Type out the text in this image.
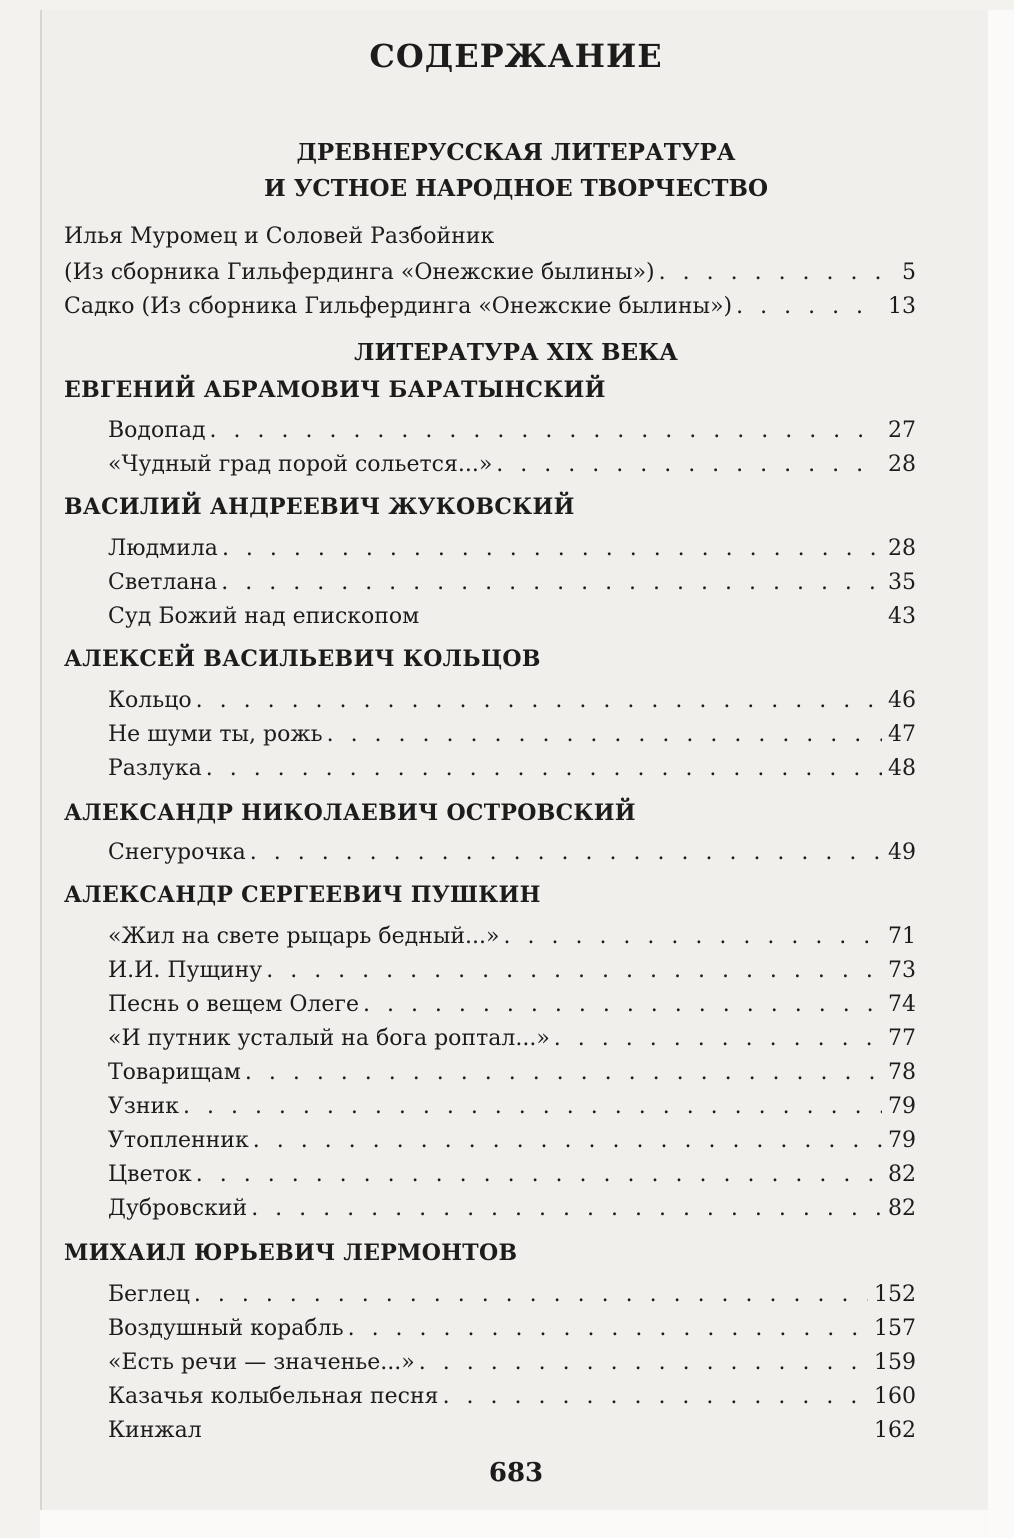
СОДЕРЖАНИЕ
ДРЕВНЕРУССКАЯ ЛИТЕРАТУРА
И УСТНОЕ НАРОДНОЕ ТВОРЧЕСТВО
Илья Муромец и Соловей Разбойник
(Из сборника Гильфердинга «Онежские былины») . . .	5
Садко (Из сборника Гильфердинга «Онежские былины») . . .	13
ЛИТЕРАТУРА XIX ВЕКА
ЕВГЕНИЙ АБРАМОВИЧ БАРАТЫНСКИЙ
Водопад . . .	27
«Чудный град порой сольется...» . . .	28
ВАСИЛИЙ АНДРЕЕВИЧ ЖУКОВСКИЙ
Людмила . . .	28
Светлана . . .	35
Суд Божий над епископом	43
АЛЕКСЕЙ ВАСИЛЬЕВИЧ КОЛЬЦОВ
Кольцо . . .	46
Не шуми ты, рожь . . .	47
Разлука . . .	48
АЛЕКСАНДР НИКОЛАЕВИЧ ОСТРОВСКИЙ
Снегурочка . . .	49
АЛЕКСАНДР СЕРГЕЕВИЧ ПУШКИН
«Жил на свете рыцарь бедный...» . . .	71
И.И. Пущину . . .	73
Песнь о вещем Олеге . . .	74
«И путник усталый на бога роптал...» . . .	77
Товарищам . . .	78
Узник . . .	79
Утопленник . . .	79
Цветок . . .	82
Дубровский . . .	82
МИХАИЛ ЮРЬЕВИЧ ЛЕРМОНТОВ
Беглец . . .	152
Воздушный корабль . . .	157
«Есть речи — значенье...» . . .	159
Казачья колыбельная песня . . .	160
Кинжал	162
683
